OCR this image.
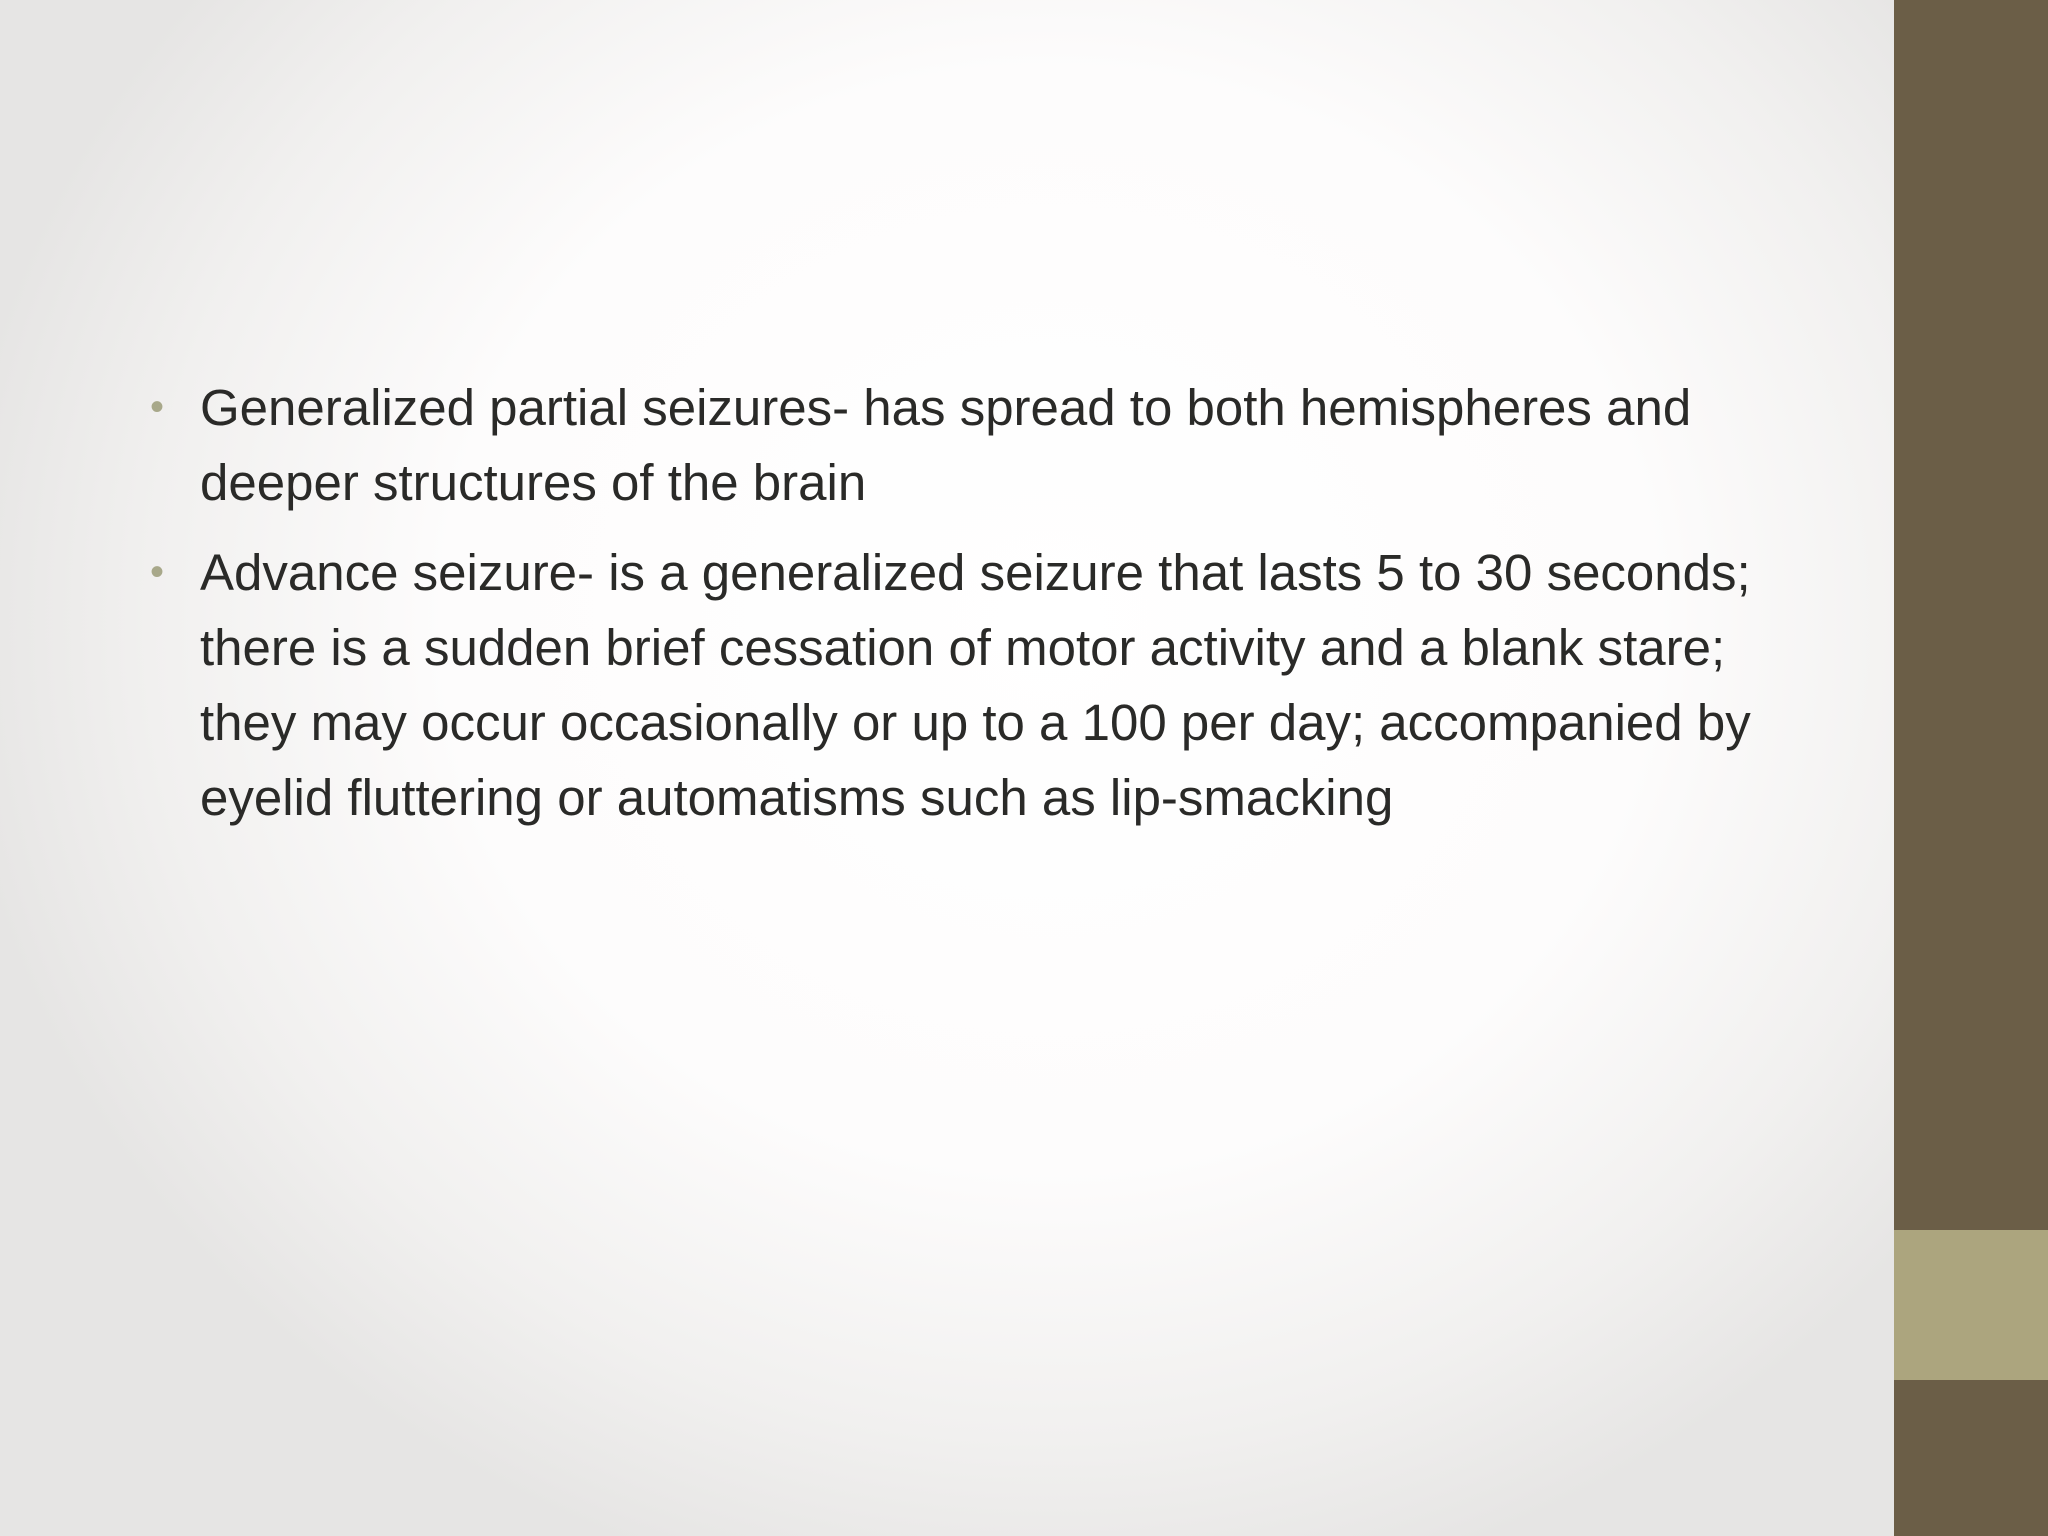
• Generalized partial seizures- has spread to both hemispheres and deeper structures of the brain
• Advance seizure- is a generalized seizure that lasts 5 to 30 seconds; there is a sudden brief cessation of motor activity and a blank stare; they may occur occasionally or up to a 100 per day; accompanied by eyelid fluttering or automatisms such as lip-smacking
